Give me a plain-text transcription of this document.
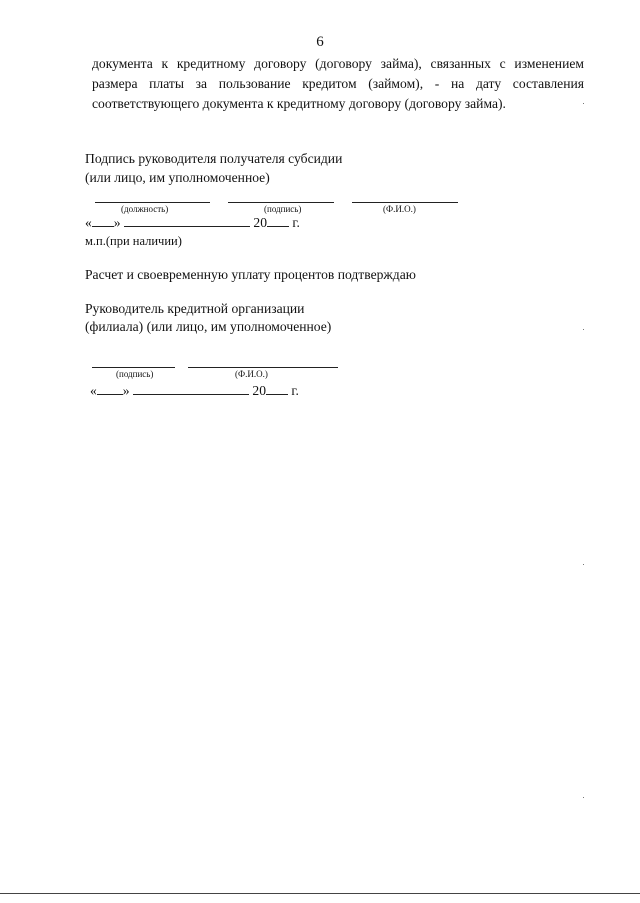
6
документа к кредитному договору (договору займа), связанных с изменением
размера платы за пользование кредитом (займом), - на дату составления
соответствующего документа к кредитному договору (договору займа).
Подпись руководителя получателя субсидии
(или лицо, им уполномоченное)
(должность)	(подпись)	(Ф.И.О.)
« »	20 г.
м.п.(при наличии)
Расчет и своевременную уплату процентов подтверждаю
Руководитель кредитной организации
(филиала) (или лицо, им уполномоченное)
(подпись)	(Ф.И.О.)
« »	20 г.
